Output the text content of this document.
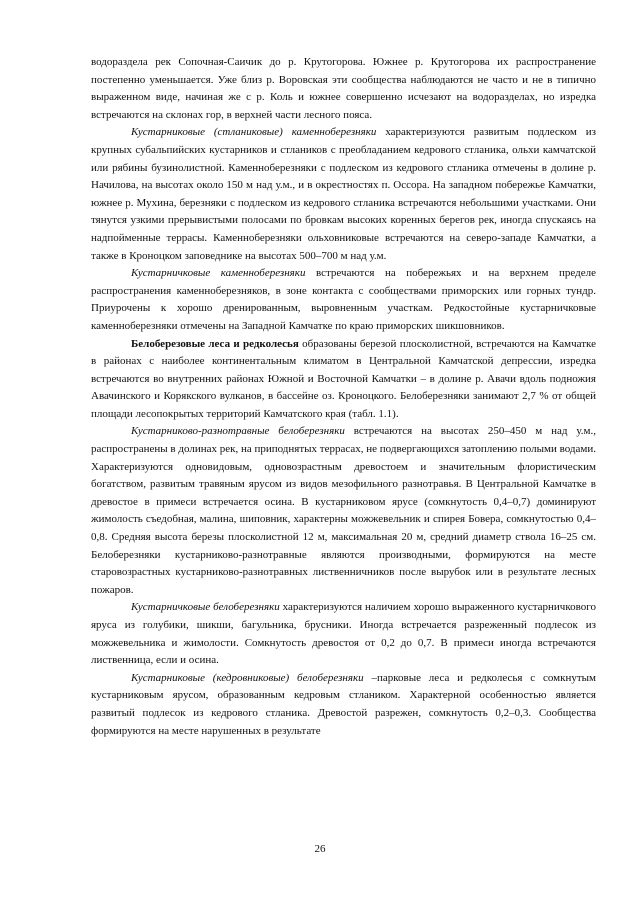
водораздела рек Сопочная-Саичик до р. Крутогорова. Южнее р. Крутогорова их распространение постепенно уменьшается. Уже близ р. Воровская эти сообщества наблюдаются не часто и не в типично выраженном виде, начиная же с р. Коль и южнее совершенно исчезают на водоразделах, но изредка встречаются на склонах гор, в верхней части лесного пояса.

Кустарниковые (стланиковые) каменноберезняки характеризуются развитым подлеском из крупных субальпийских кустарников и стлаников с преобладанием кедрового стланика, ольхи камчатской или рябины бузинолистной. Каменноберезняки с подлеском из кедрового стланика отмечены в долине р. Начилова, на высотах около 150 м над у.м., и в окрестностях п. Оссора. На западном побережье Камчатки, южнее р. Мухина, березняки с подлеском из кедрового стланика встречаются небольшими участками. Они тянутся узкими прерывистыми полосами по бровкам высоких коренных берегов рек, иногда спускаясь на надпойменные террасы. Каменноберезняки ольховниковые встречаются на северо-западе Камчатки, а также в Кроноцком заповеднике на высотах 500–700 м над у.м.

Кустарничковые каменноберезняки встречаются на побережьях и на верхнем пределе распространения каменноберезняков, в зоне контакта с сообществами приморских или горных тундр. Приурочены к хорошо дренированным, выровненным участкам. Редкостойные кустарничковые каменноберезняки отмечены на Западной Камчатке по краю приморских шикшовников.

Белоберезовые леса и редколесья образованы березой плосколистной, встречаются на Камчатке в районах с наиболее континентальным климатом в Центральной Камчатской депрессии, изредка встречаются во внутренних районах Южной и Восточной Камчатки – в долине р. Авачи вдоль подножия Авачинского и Корякского вулканов, в бассейне оз. Кроноцкого. Белоберезняки занимают 2,7 % от общей площади лесопокрытых территорий Камчатского края (табл. 1.1).

Кустарниково-разнотравные белоберезняки встречаются на высотах 250–450 м над у.м., распространены в долинах рек, на приподнятых террасах, не подвергающихся затоплению полыми водами. Характеризуются одновидовым, одновозрастным древостоем и значительным флористическим богатством, развитым травяным ярусом из видов мезофильного разнотравья. В Центральной Камчатке в древостое в примеси встречается осина. В кустарниковом ярусе (сомкнутость 0,4–0,7) доминируют жимолость съедобная, малина, шиповник, характерны можжевельник и спирея Бовера, сомкнутостью 0,4–0,8. Средняя высота березы плосколистной 12 м, максимальная 20 м, средний диаметр ствола 16–25 см. Белоберезняки кустарниково-разнотравные являются производными, формируются на месте старовозрастных кустарниково-разнотравных лиственничников после вырубок или в результате лесных пожаров.

Кустарничковые белоберезняки характеризуются наличием хорошо выраженного кустарничкового яруса из голубики, шикши, багульника, брусники. Иногда встречается разреженный подлесок из можжевельника и жимолости. Сомкнутость древостоя от 0,2 до 0,7. В примеси иногда встречаются лиственница, если и осина.

Кустарниковые (кедровниковые) белоберезняки –парковые леса и редколесья с сомкнутым кустарниковым ярусом, образованным кедровым стлаником. Характерной особенностью является развитый подлесок из кедрового стланика. Древостой разрежен, сомкнутость 0,2–0,3. Сообщества формируются на месте нарушенных в результате

26
